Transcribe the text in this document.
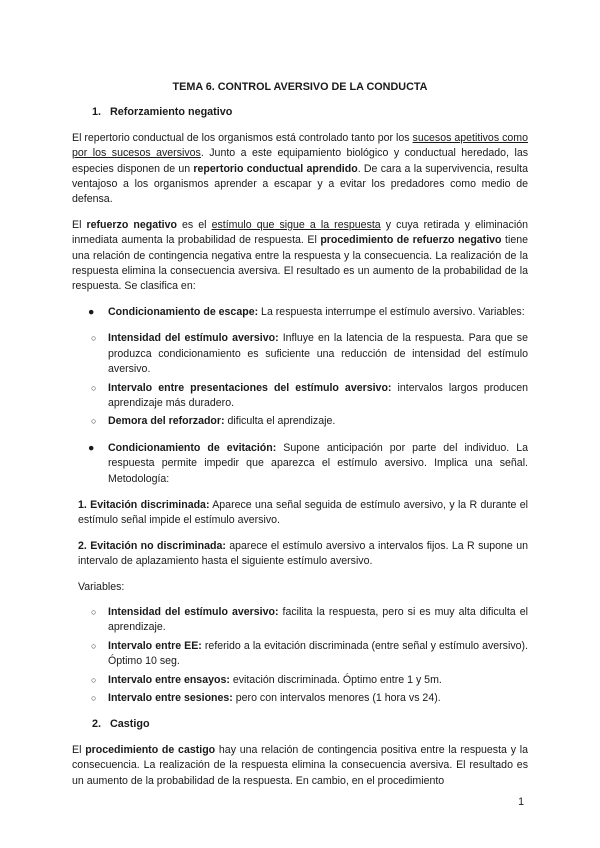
TEMA 6. CONTROL AVERSIVO DE LA CONDUCTA
1. Reforzamiento negativo

El repertorio conductual de los organismos está controlado tanto por los sucesos apetitivos como por los sucesos aversivos. Junto a este equipamiento biológico y conductual heredado, las especies disponen de un repertorio conductual aprendido. De cara a la supervivencia, resulta ventajoso a los organismos aprender a escapar y a evitar los predadores como medio de defensa.

El refuerzo negativo es el estímulo que sigue a la respuesta y cuya retirada y eliminación inmediata aumenta la probabilidad de respuesta. El procedimiento de refuerzo negativo tiene una relación de contingencia negativa entre la respuesta y la consecuencia. La realización de la respuesta elimina la consecuencia aversiva. El resultado es un aumento de la probabilidad de la respuesta. Se clasifica en:

● Condicionamiento de escape: La respuesta interrumpe el estímulo aversivo. Variables:
○ Intensidad del estímulo aversivo: Influye en la latencia de la respuesta. Para que se produzca condicionamiento es suficiente una reducción de intensidad del estímulo aversivo.
○ Intervalo entre presentaciones del estímulo aversivo: intervalos largos producen aprendizaje más duradero.
○ Demora del reforzador: dificulta el aprendizaje.
● Condicionamiento de evitación: Supone anticipación por parte del individuo. La respuesta permite impedir que aparezca el estímulo aversivo. Implica una señal. Metodología:

1. Evitación discriminada: Aparece una señal seguida de estímulo aversivo, y la R durante el estímulo señal impide el estímulo aversivo.

2. Evitación no discriminada: aparece el estímulo aversivo a intervalos fijos. La R supone un intervalo de aplazamiento hasta el siguiente estímulo aversivo.

Variables:

○ Intensidad del estímulo aversivo: facilita la respuesta, pero si es muy alta dificulta el aprendizaje.
○ Intervalo entre EE: referido a la evitación discriminada (entre señal y estímulo aversivo). Óptimo 10 seg.
○ Intervalo entre ensayos: evitación discriminada. Óptimo entre 1 y 5m.
○ Intervalo entre sesiones: pero con intervalos menores (1 hora vs 24).
2. Castigo

El procedimiento de castigo hay una relación de contingencia positiva entre la respuesta y la consecuencia. La realización de la respuesta elimina la consecuencia aversiva. El resultado es un aumento de la probabilidad de la respuesta. En cambio, en el procedimiento

1
